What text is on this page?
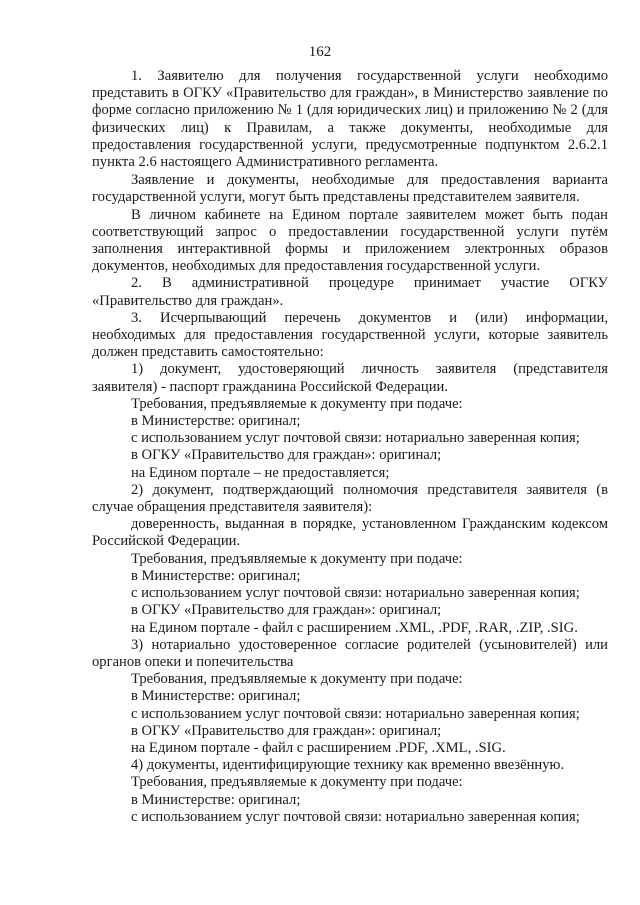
162

1. Заявителю для получения государственной услуги необходимо представить в ОГКУ «Правительство для граждан», в Министерство заявление по форме согласно приложению № 1 (для юридических лиц) и приложению № 2 (для физических лиц) к Правилам, а также документы, необходимые для предоставления государственной услуги, предусмотренные подпунктом 2.6.2.1 пункта 2.6 настоящего Административного регламента.

Заявление и документы, необходимые для предоставления варианта государственной услуги, могут быть представлены представителем заявителя.

В личном кабинете на Едином портале заявителем может быть подан соответствующий запрос о предоставлении государственной услуги путём заполнения интерактивной формы и приложением электронных образов документов, необходимых для предоставления государственной услуги.

2. В административной процедуре принимает участие ОГКУ «Правительство для граждан».

3. Исчерпывающий перечень документов и (или) информации, необходимых для предоставления государственной услуги, которые заявитель должен представить самостоятельно:

1) документ, удостоверяющий личность заявителя (представителя заявителя) - паспорт гражданина Российской Федерации.

Требования, предъявляемые к документу при подаче:

в Министерстве: оригинал;

с использованием услуг почтовой связи: нотариально заверенная копия;

в ОГКУ «Правительство для граждан»: оригинал;

на Едином портале – не предоставляется;

2) документ, подтверждающий полномочия представителя заявителя (в случае обращения представителя заявителя):

доверенность, выданная в порядке, установленном Гражданским кодексом Российской Федерации.

Требования, предъявляемые к документу при подаче:

в Министерстве: оригинал;

с использованием услуг почтовой связи: нотариально заверенная копия;

в ОГКУ «Правительство для граждан»: оригинал;

на Едином портале - файл с расширением .XML, .PDF, .RAR, .ZIP, .SIG.

3) нотариально удостоверенное согласие родителей (усыновителей) или органов опеки и попечительства

Требования, предъявляемые к документу при подаче:

в Министерстве: оригинал;

с использованием услуг почтовой связи: нотариально заверенная копия;

в ОГКУ «Правительство для граждан»: оригинал;

на Едином портале - файл с расширением .PDF, .XML, .SIG.

4) документы, идентифицирующие технику как временно ввезённую.

Требования, предъявляемые к документу при подаче:

в Министерстве: оригинал;

с использованием услуг почтовой связи: нотариально заверенная копия;
